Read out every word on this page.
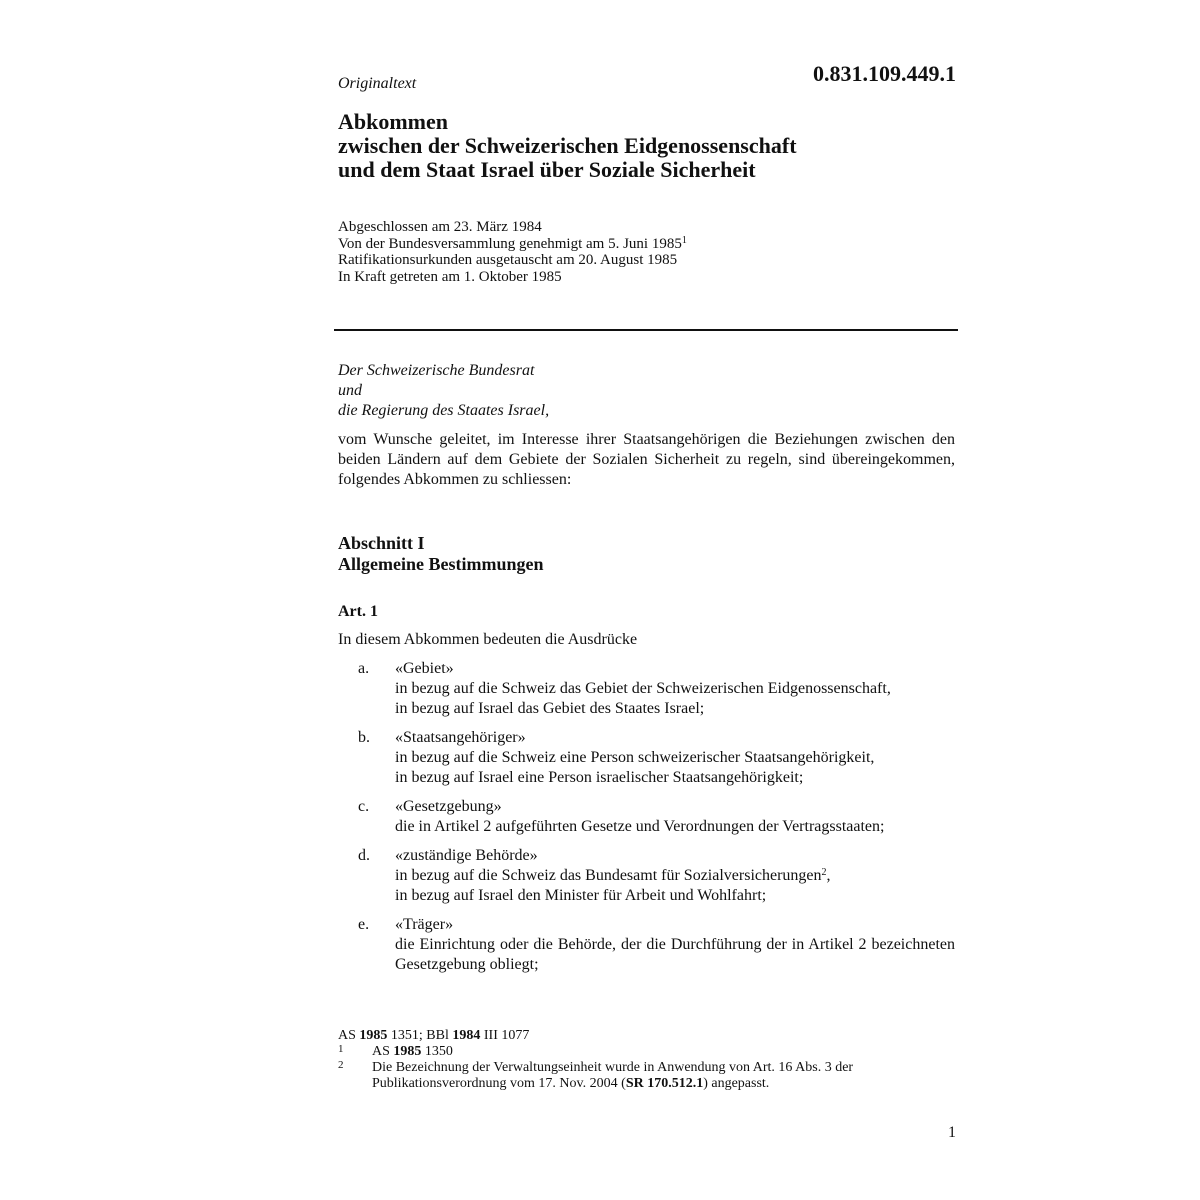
Originaltext	0.831.109.449.1
Abkommen
zwischen der Schweizerischen Eidgenossenschaft
und dem Staat Israel über Soziale Sicherheit
Abgeschlossen am 23. März 1984
Von der Bundesversammlung genehmigt am 5. Juni 1985$^1$
Ratifikationsurkunden ausgetauscht am 20. August 1985
In Kraft getreten am 1. Oktober 1985
Der Schweizerische Bundesrat
und
die Regierung des Staates Israel,
vom Wunsche geleitet, im Interesse ihrer Staatsangehörigen die Beziehungen zwischen den beiden Ländern auf dem Gebiete der Sozialen Sicherheit zu regeln, sind übereingekommen, folgendes Abkommen zu schliessen:
Abschnitt I
Allgemeine Bestimmungen
Art. 1
In diesem Abkommen bedeuten die Ausdrücke
a. «Gebiet»
in bezug auf die Schweiz das Gebiet der Schweizerischen Eidgenossenschaft,
in bezug auf Israel das Gebiet des Staates Israel;
b. «Staatsangehöriger»
in bezug auf die Schweiz eine Person schweizerischer Staatsangehörigkeit,
in bezug auf Israel eine Person israelischer Staatsangehörigkeit;
c. «Gesetzgebung»
die in Artikel 2 aufgeführten Gesetze und Verordnungen der Vertragsstaaten;
d. «zuständige Behörde»
in bezug auf die Schweiz das Bundesamt für Sozialversicherungen$^2$,
in bezug auf Israel den Minister für Arbeit und Wohlfahrt;
e. «Träger»
die Einrichtung oder die Behörde, der die Durchführung der in Artikel 2 bezeichneten Gesetzgebung obliegt;
AS 1985 1351; BBl 1984 III 1077
1 AS 1985 1350
2 Die Bezeichnung der Verwaltungseinheit wurde in Anwendung von Art. 16 Abs. 3 der Publikationsverordnung vom 17. Nov. 2004 (SR 170.512.1) angepasst.
1
